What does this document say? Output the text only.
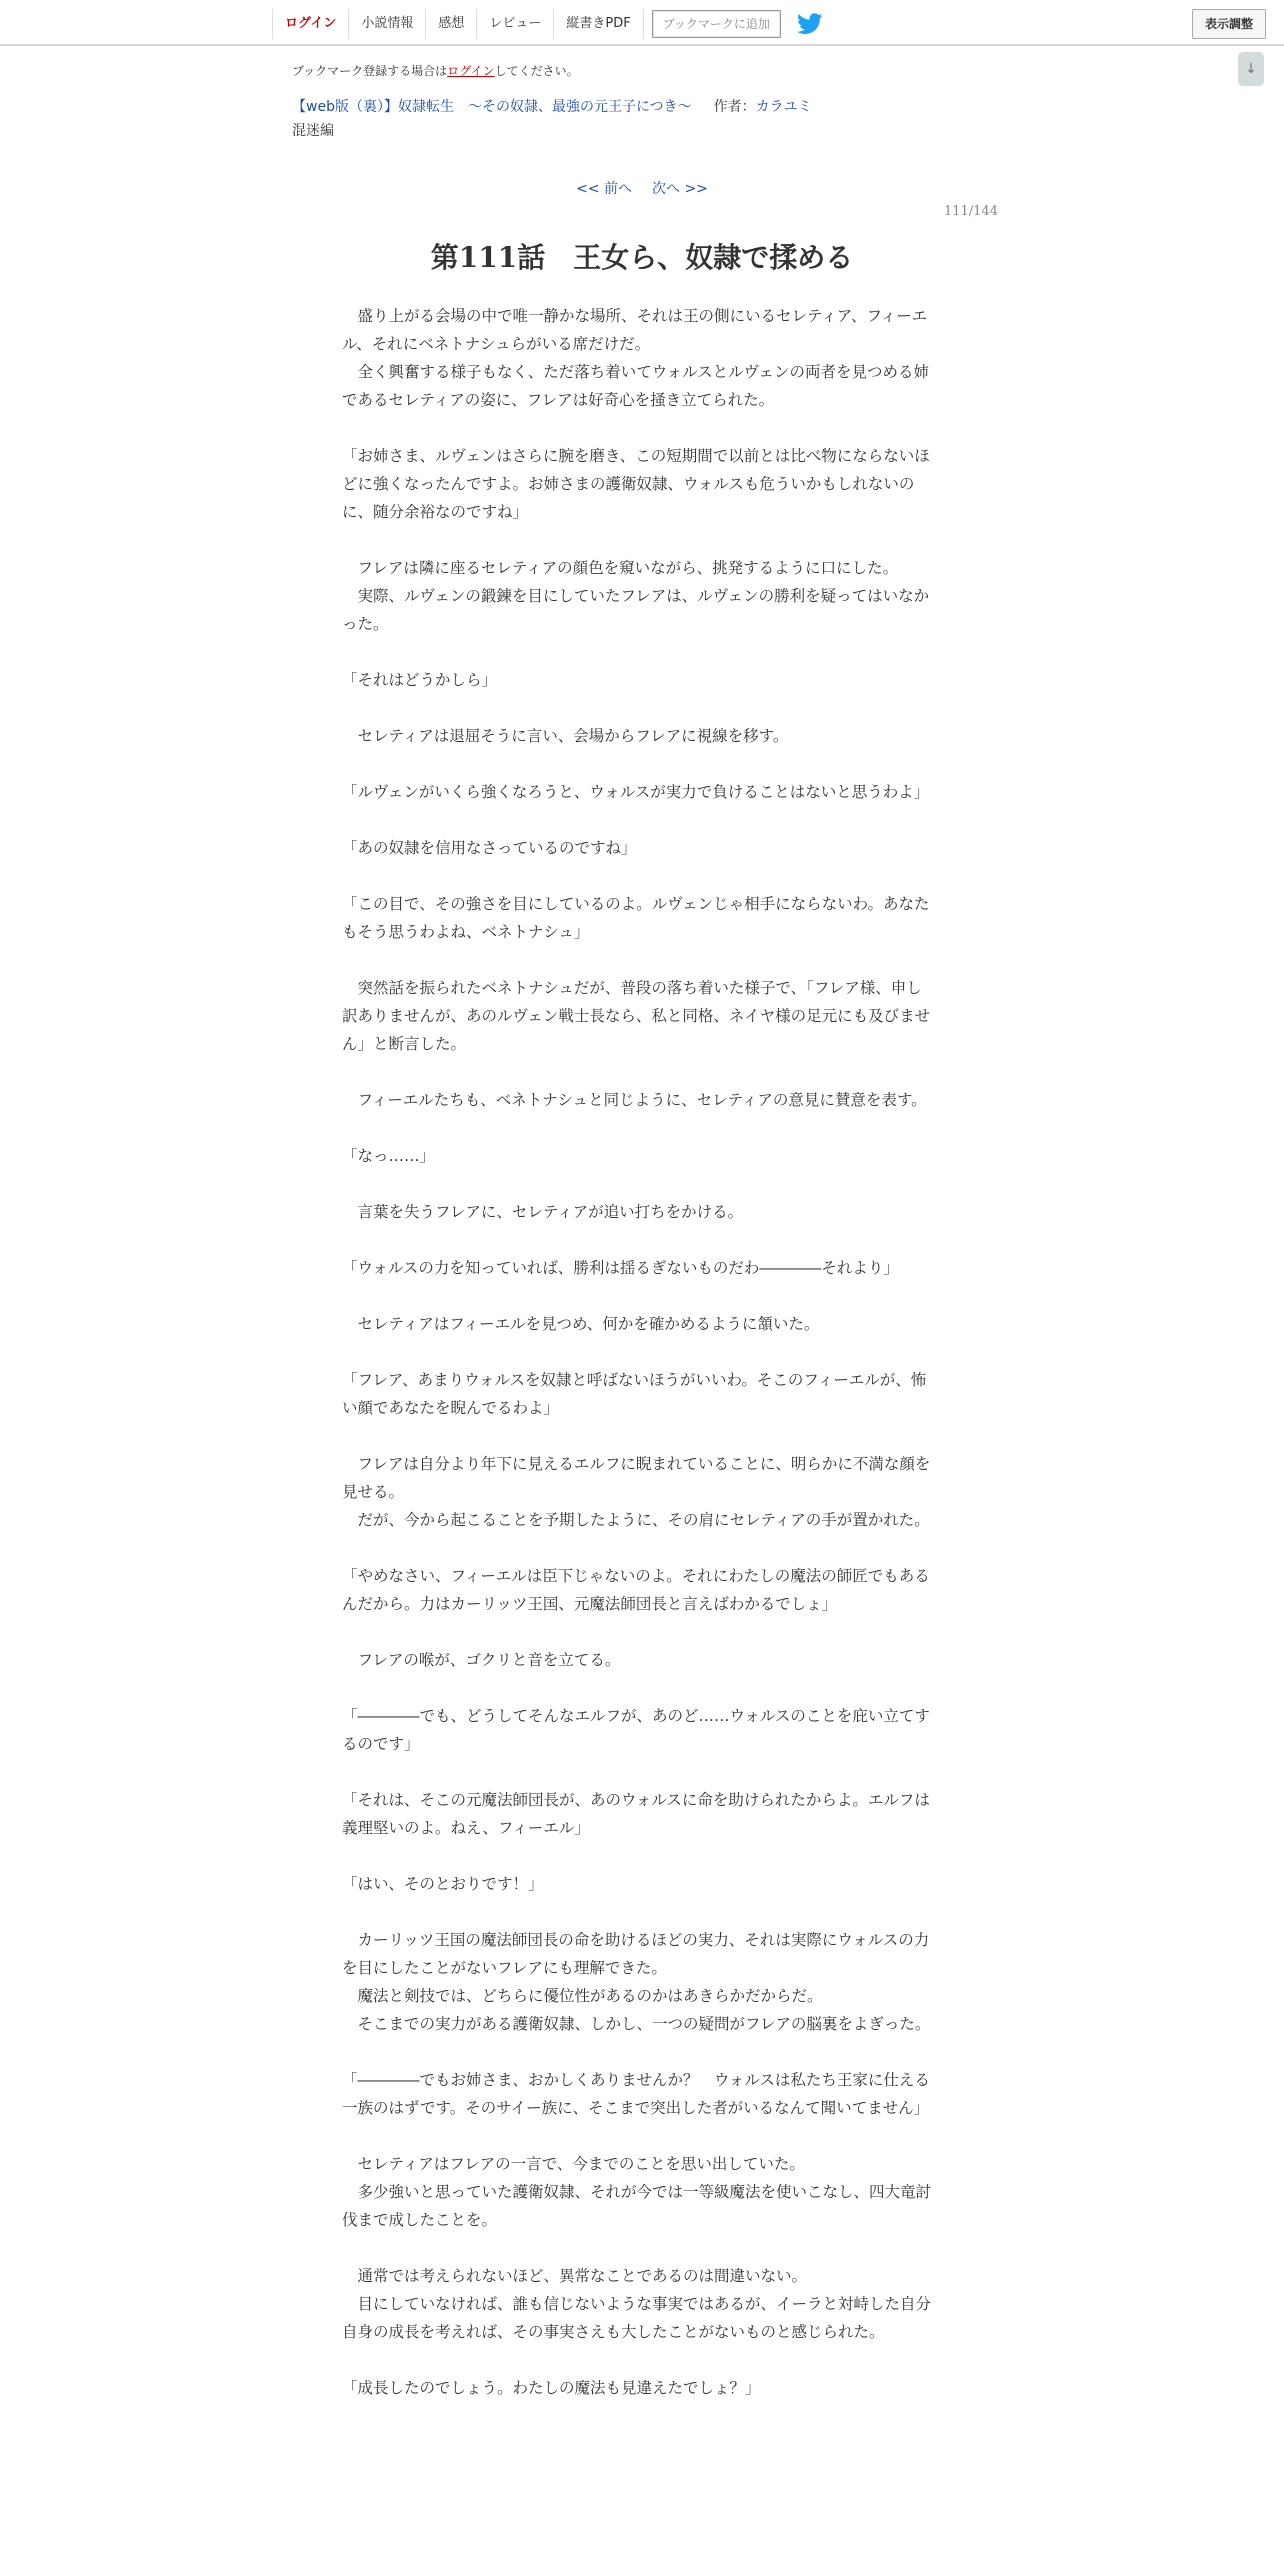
ログイン	小説情報	感想	レビュー	縦書きPDF	ブックマークに追加	表示調整
↓
ブックマーク登録する場合はログインしてください。
【web版（裏）】奴隷転生　～その奴隷、最強の元王子につき～ 作者：カラユミ
混迷編
<< 前へ 次へ >>
111/144
第111話　王女ら、奴隷で揉める

　盛り上がる会場の中で唯一静かな場所、それは王の側にいるセレティア、フィーエル、それにベネトナシュらがいる席だけだ。

　全く興奮する様子もなく、ただ落ち着いてウォルスとルヴェンの両者を見つめる姉であるセレティアの姿に、フレアは好奇心を掻き立てられた。

「お姉さま、ルヴェンはさらに腕を磨き、この短期間で以前とは比べ物にならないほどに強くなったんですよ。お姉さまの護衛奴隷、ウォルスも危ういかもしれないのに、随分余裕なのですね」

　フレアは隣に座るセレティアの顔色を窺いながら、挑発するように口にした。

　実際、ルヴェンの鍛錬を目にしていたフレアは、ルヴェンの勝利を疑ってはいなかった。

「それはどうかしら」

　セレティアは退屈そうに言い、会場からフレアに視線を移す。

「ルヴェンがいくら強くなろうと、ウォルスが実力で負けることはないと思うわよ」

「あの奴隷を信用なさっているのですね」

「この目で、その強さを目にしているのよ。ルヴェンじゃ相手にならないわ。あなたもそう思うわよね、ベネトナシュ」

　突然話を振られたベネトナシュだが、普段の落ち着いた様子で、「フレア様、申し訳ありませんが、あのルヴェン戦士長なら、私と同格、ネイヤ様の足元にも及びません」と断言した。

　フィーエルたちも、ベネトナシュと同じように、セレティアの意見に賛意を表す。

「なっ……」

　言葉を失うフレアに、セレティアが追い打ちをかける。

「ウォルスの力を知っていれば、勝利は揺るぎないものだわ――――それより」

　セレティアはフィーエルを見つめ、何かを確かめるように頷いた。

「フレア、あまりウォルスを奴隷と呼ばないほうがいいわ。そこのフィーエルが、怖い顔であなたを睨んでるわよ」

　フレアは自分より年下に見えるエルフに睨まれていることに、明らかに不満な顔を見せる。

　だが、今から起こることを予期したように、その肩にセレティアの手が置かれた。

「やめなさい、フィーエルは臣下じゃないのよ。それにわたしの魔法の師匠でもあるんだから。力はカーリッツ王国、元魔法師団長と言えばわかるでしょ」

　フレアの喉が、ゴクリと音を立てる。

「――――でも、どうしてそんなエルフが、あのど……ウォルスのことを庇い立てするのです」

「それは、そこの元魔法師団長が、あのウォルスに命を助けられたからよ。エルフは義理堅いのよ。ねえ、フィーエル」

「はい、そのとおりです！」

　カーリッツ王国の魔法師団長の命を助けるほどの実力、それは実際にウォルスの力を目にしたことがないフレアにも理解できた。

　魔法と剣技では、どちらに優位性があるのかはあきらかだからだ。

　そこまでの実力がある護衛奴隷、しかし、一つの疑問がフレアの脳裏をよぎった。

「――――でもお姉さま、おかしくありませんか？　ウォルスは私たち王家に仕える一族のはずです。そのサイー族に、そこまで突出した者がいるなんて聞いてません」

　セレティアはフレアの一言で、今までのことを思い出していた。

　多少強いと思っていた護衛奴隷、それが今では一等級魔法を使いこなし、四大竜討伐まで成したことを。

　通常では考えられないほど、異常なことであるのは間違いない。

　目にしていなければ、誰も信じないような事実ではあるが、イーラと対峙した自分自身の成長を考えれば、その事実さえも大したことがないものと感じられた。

「成長したのでしょう。わたしの魔法も見違えたでしょ？」
